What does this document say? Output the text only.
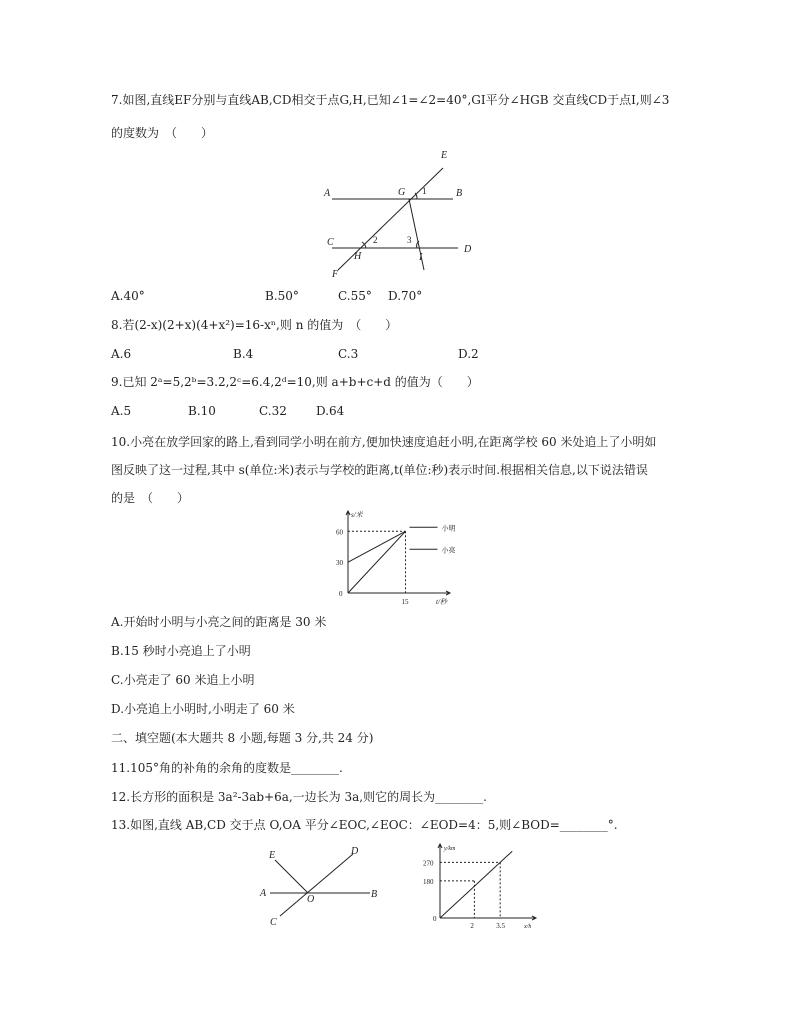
7.如图,直线EF分别与直线AB,CD相交于点G,H,已知∠1=∠2=40°,GI平分∠HGB 交直线CD于点I,则∠3
的度数为　（　　）
E
A	G	B
C
D
H	I
F
1
2	3
A.40°	B.50°	C.55° D.70°
8.若(2-x)(2+x)(4+x²)=16-xⁿ,则 n 的值为　（　　）
A.6	B.4	C.3	D.2
9.已知 2ᵃ=5,2ᵇ=3.2,2ᶜ=6.4,2ᵈ=10,则 a+b+c+d 的值为（　　）
A.5	B.10	C.32 D.64
10.小亮在放学回家的路上,看到同学小明在前方,便加快速度追赶小明,在距离学校 60 米处追上了小明如
图反映了这一过程,其中 s(单位:米)表示与学校的距离,t(单位:秒)表示时间.根据相关信息,以下说法错误
的是　（　　）
s/米
t/秒
0
30
60
15
小明
小亮
A.开始时小明与小亮之间的距离是 30 米
B.15 秒时小亮追上了小明
C.小亮走了 60 米追上小明
D.小亮追上小明时,小明走了 60 米
二、填空题(本大题共 8 小题,每题 3 分,共 24 分)
11.105°角的补角的余角的度数是________.
12.长方形的面积是 3a²-3ab+6a,一边长为 3a,则它的周长为________.
13.如图,直线 AB,CD 交于点 O,OA 平分∠EOC,∠EOC：∠EOD=4：5,则∠BOD=________°.
E	D
A	B
O
C
y/km
x/h
0
180
2
270
3.5
